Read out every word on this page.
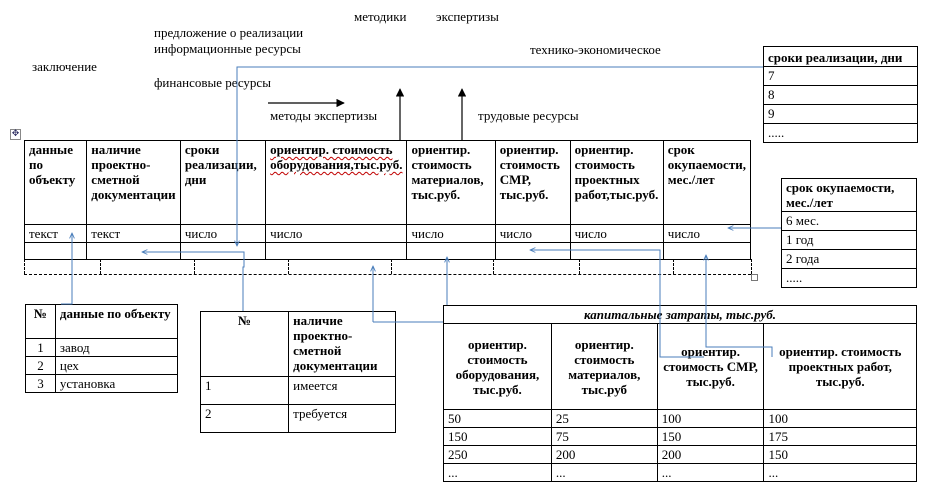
методики экспертизы
предложение о реализации
информационные ресурсы	технико-экономическое
заключение
финансовые ресурсы
методы экспертизы	трудовые ресурсы
✥
данные по объекту	наличие проектно-сметной документации	сроки реализации, дни	ориентир. стоимость оборудования,тыс.руб.	ориентир. стоимость материалов, тыс.руб.	ориентир. стоимость СМР, тыс.руб.	ориентир. стоимость проектных работ,тыс.руб.	срок окупаемости, мес./лет
текст	текст	число	число	число	число	число	число

сроки реализации, дни
7
8
9
.....
срок окупаемости, мес./лет
6 мес.
1 год
2 года
.....
№	данные по объекту
1	завод
2	цех
3	установка
№	наличие проектно-сметной документации
1	имеется
2	требуется
капитальные затраты, тыс.руб.			
ориентир. стоимость оборудования, тыс.руб.	ориентир. стоимость материалов, тыс.руб	ориентир. стоимость СМР, тыс.руб.	ориентир. стоимость проектных работ, тыс.руб.
50	25	100	100
150	75	150	175
250	200	200	150
...	...	...	...
